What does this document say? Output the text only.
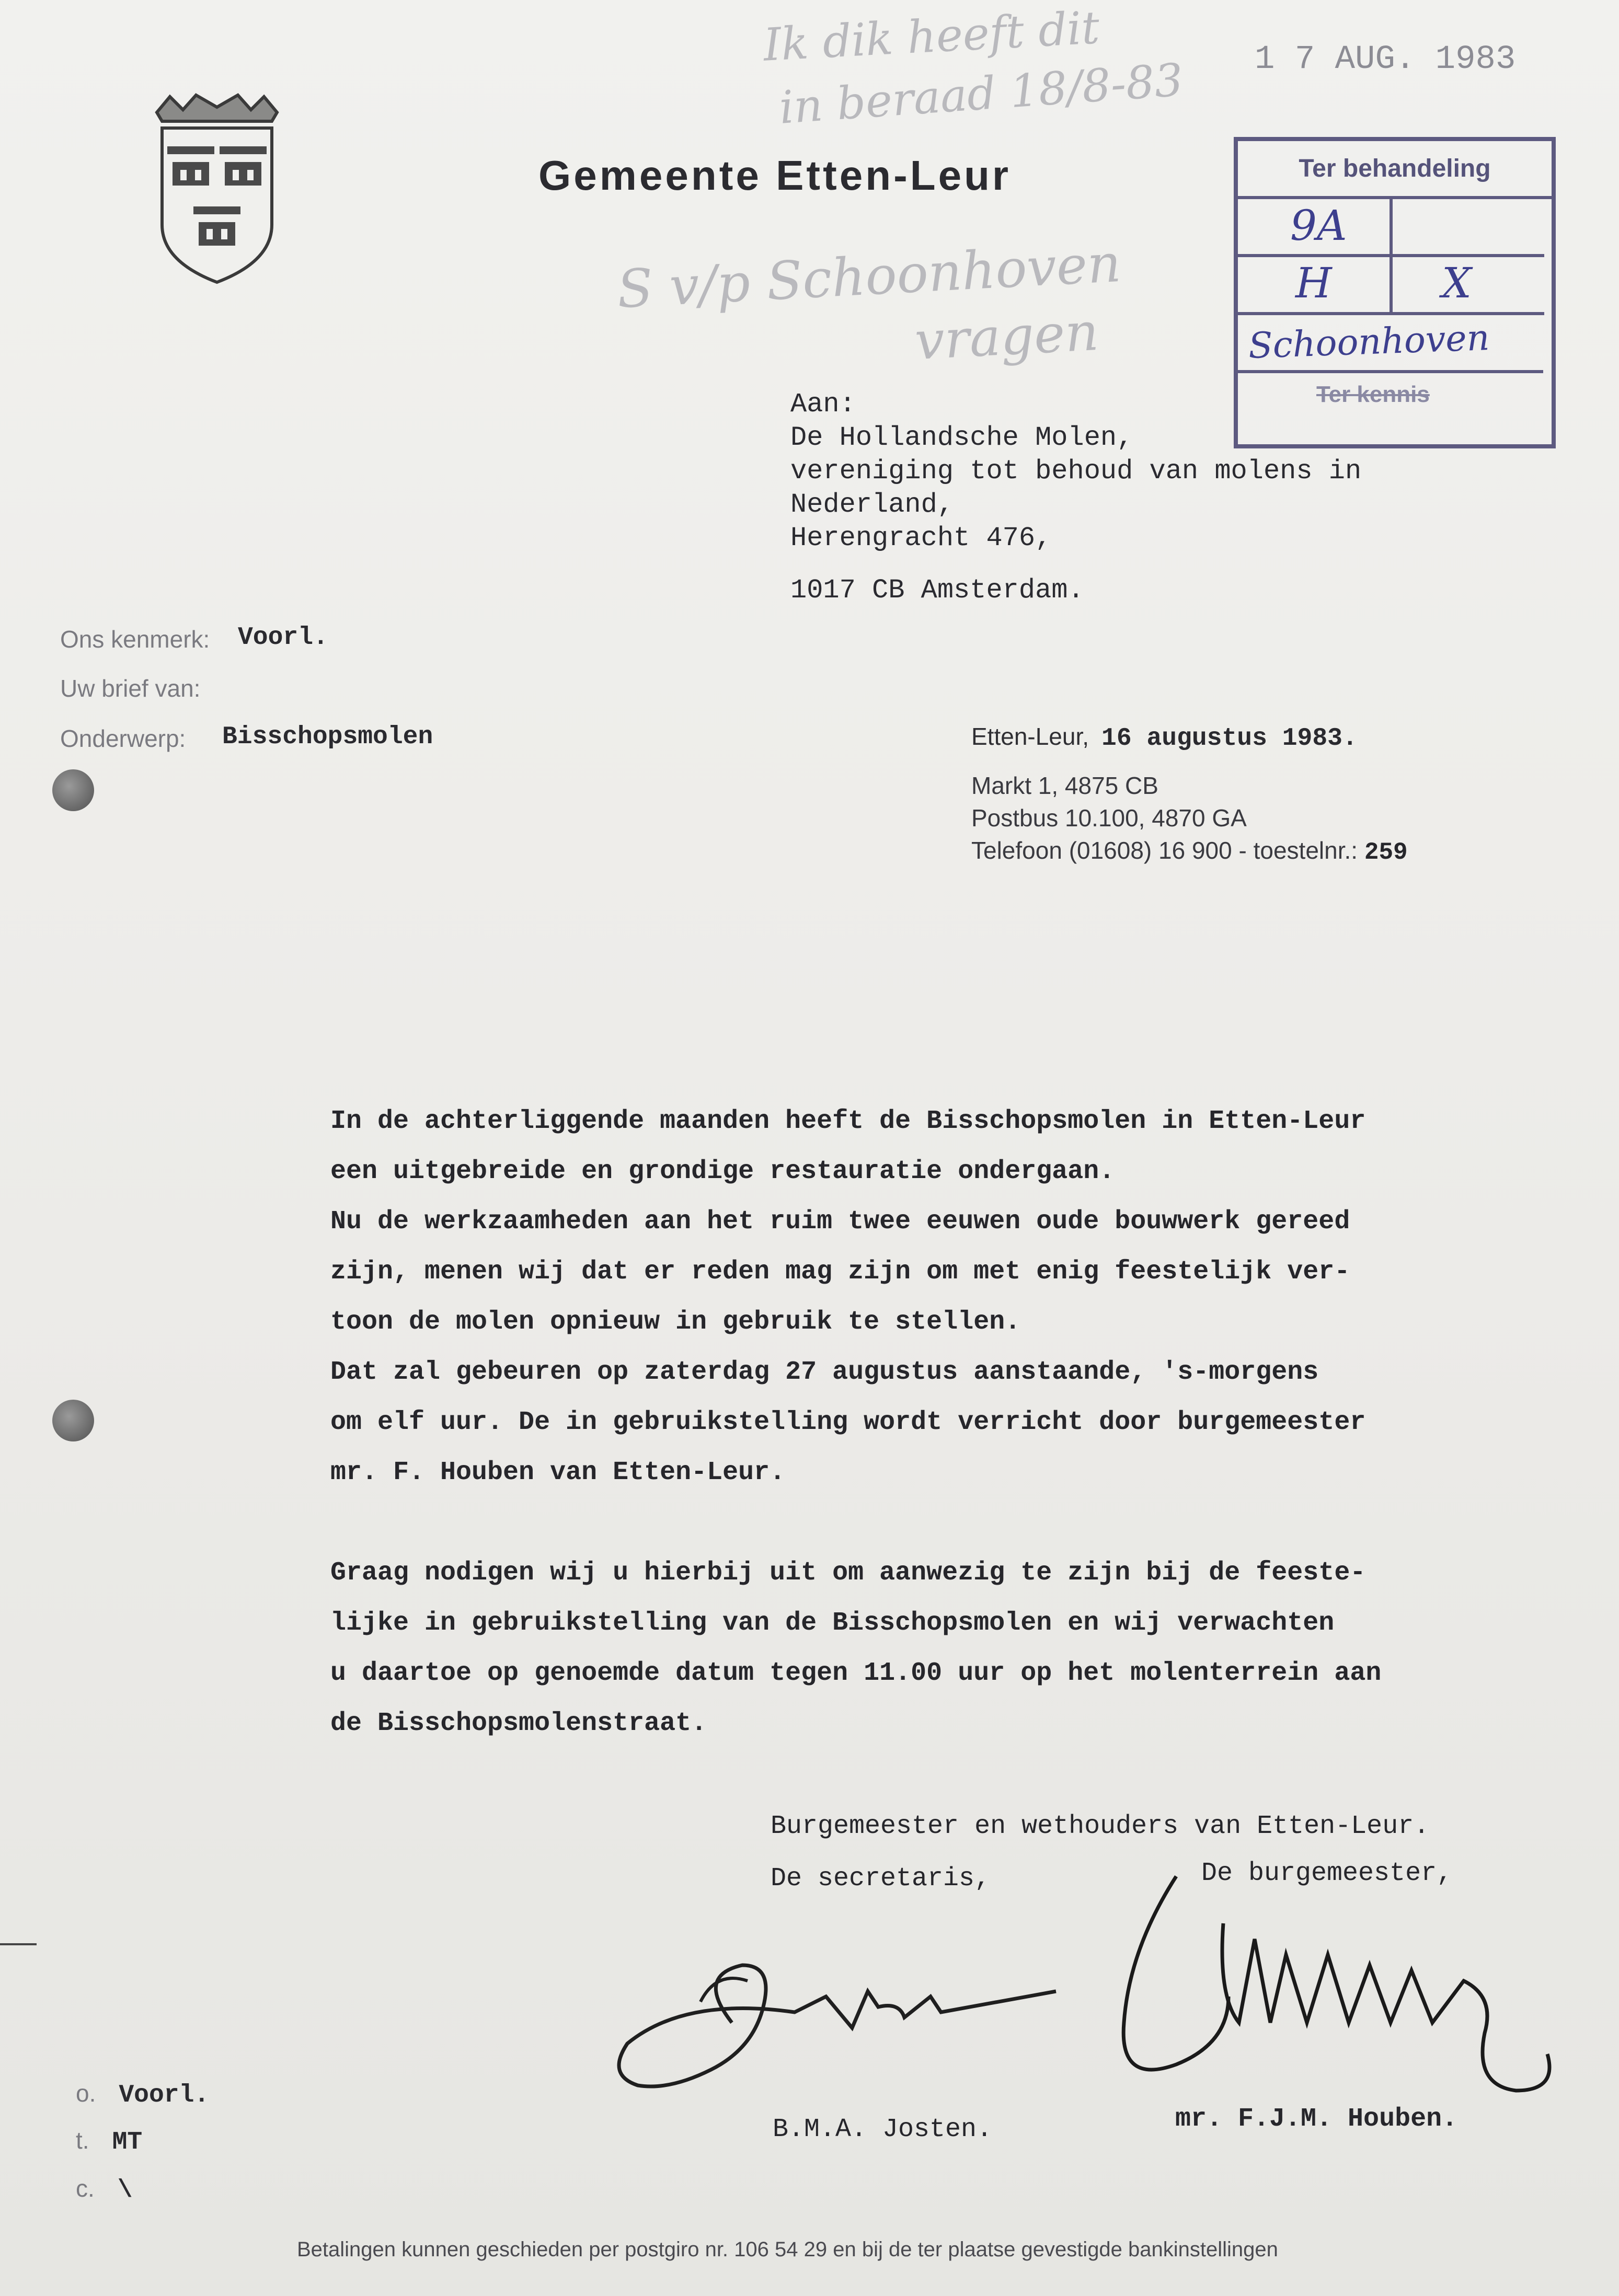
Gemeente Etten-Leur
Ik dik heeft dit
in beraad 18/8-83
S v/p Schoonhoven
vragen
1 7 AUG. 1983
Ter behandeling
9A
H	X
Schoonhoven
Ter kennis
Aan:
De Hollandsche Molen,
vereniging tot behoud van molens in
Nederland,
Herengracht 476,
1017 CB Amsterdam.
Ons kenmerk: Voorl.
Uw brief van:
Onderwerp: Bisschopsmolen	Etten-Leur, 16 augustus 1983.
Markt 1, 4875 CB
Postbus 10.100, 4870 GA
Telefoon (01608) 16 900 - toestelnr.: 259

In de achterliggende maanden heeft de Bisschopsmolen in Etten-Leur

een uitgebreide en grondige restauratie ondergaan.

Nu de werkzaamheden aan het ruim twee eeuwen oude bouwwerk gereed

zijn, menen wij dat er reden mag zijn om met enig feestelijk ver-

toon de molen opnieuw in gebruik te stellen.

Dat zal gebeuren op zaterdag 27 augustus aanstaande, 's-morgens

om elf uur. De in gebruikstelling wordt verricht door burgemeester

mr. F. Houben van Etten-Leur.

Graag nodigen wij u hierbij uit om aanwezig te zijn bij de feeste-

lijke in gebruikstelling van de Bisschopsmolen en wij verwachten

u daartoe op genoemde datum tegen 11.00 uur op het molenterrein aan

de Bisschopsmolenstraat.

Burgemeester en wethouders van Etten-Leur.
De secretaris,	De burgemeester,
B.M.A. Josten.	mr. F.J.M. Houben.
o. Voorl.
t. MT
c. \
Betalingen kunnen geschieden per postgiro nr. 106 54 29 en bij de ter plaatse gevestigde bankinstellingen
